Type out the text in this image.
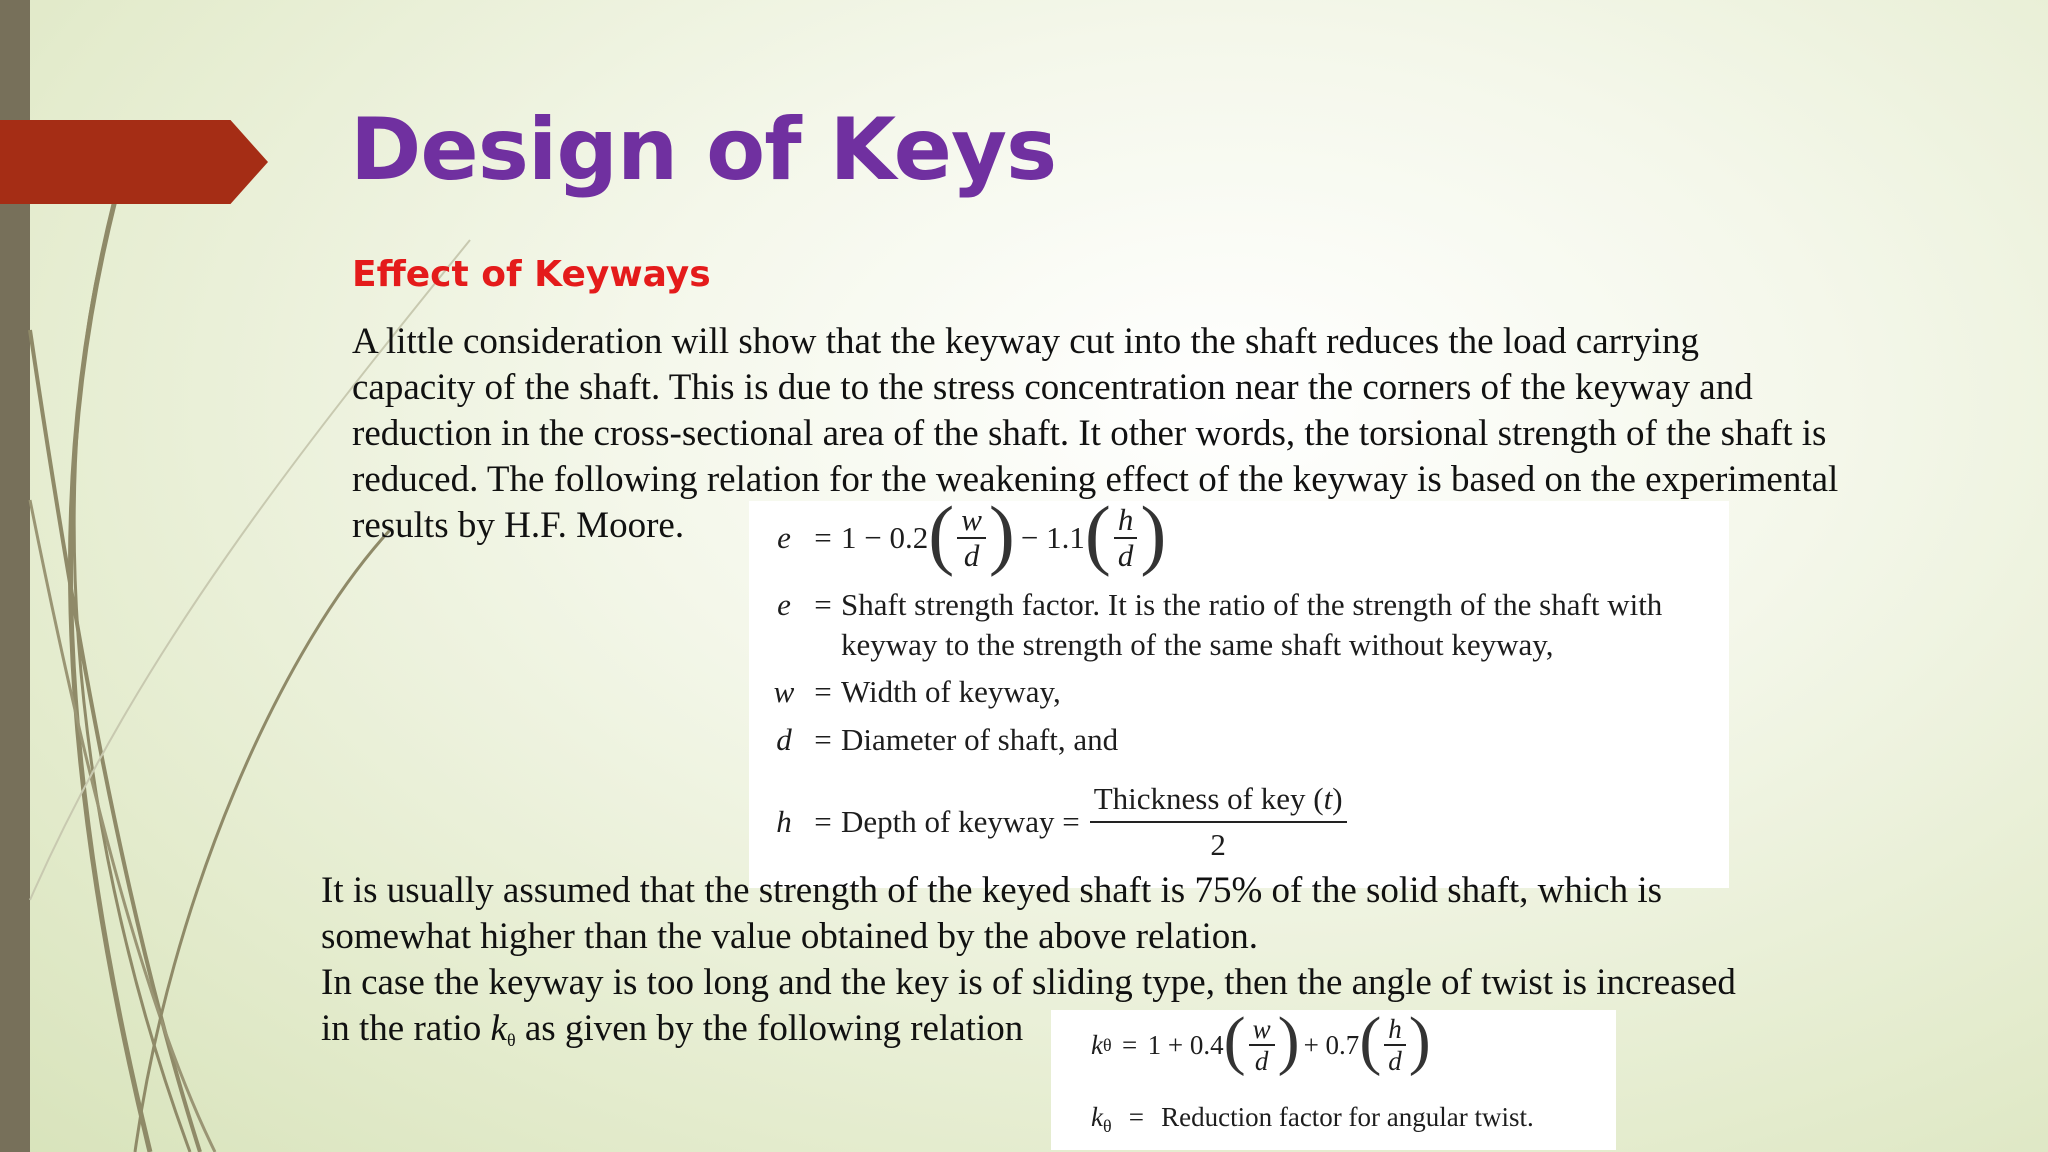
Design of Keys
Effect of Keyways
A little consideration will show that the keyway cut into the shaft reduces the load carrying
capacity of the shaft. This is due to the stress concentration near the corners of the keyway and
reduction in the cross-sectional area of the shaft. It other words, the torsional strength of the shaft is
reduced. The following relation for the weakening effect of the keyway is based on the experimental
results by H.F. Moore.	e = 1 − 0.2 ( $\frac{w}{d}$ ) − 1.1 ( $\frac{h}{d}$ )
e = Shaft strength factor. It is the ratio of the strength of the shaft with
keyway to the strength of the same shaft without keyway,
w = Width of keyway,
d = Diameter of shaft, and
h = Depth of keyway = $\frac{\text{Thickness of key (t)}}{2}$
It is usually assumed that the strength of the keyed shaft is 75% of the solid shaft, which is
somewhat higher than the value obtained by the above relation.
In case the keyway is too long and the key is of sliding type, then the angle of twist is increased
in the ratio $k_\theta$ as given by the following relation	k θ = 1 + 0.4 ( $\frac{w}{d}$ ) + 0.7 ( $\frac{h}{d}$ )
$k_\theta$ = Reduction factor for angular twist.
